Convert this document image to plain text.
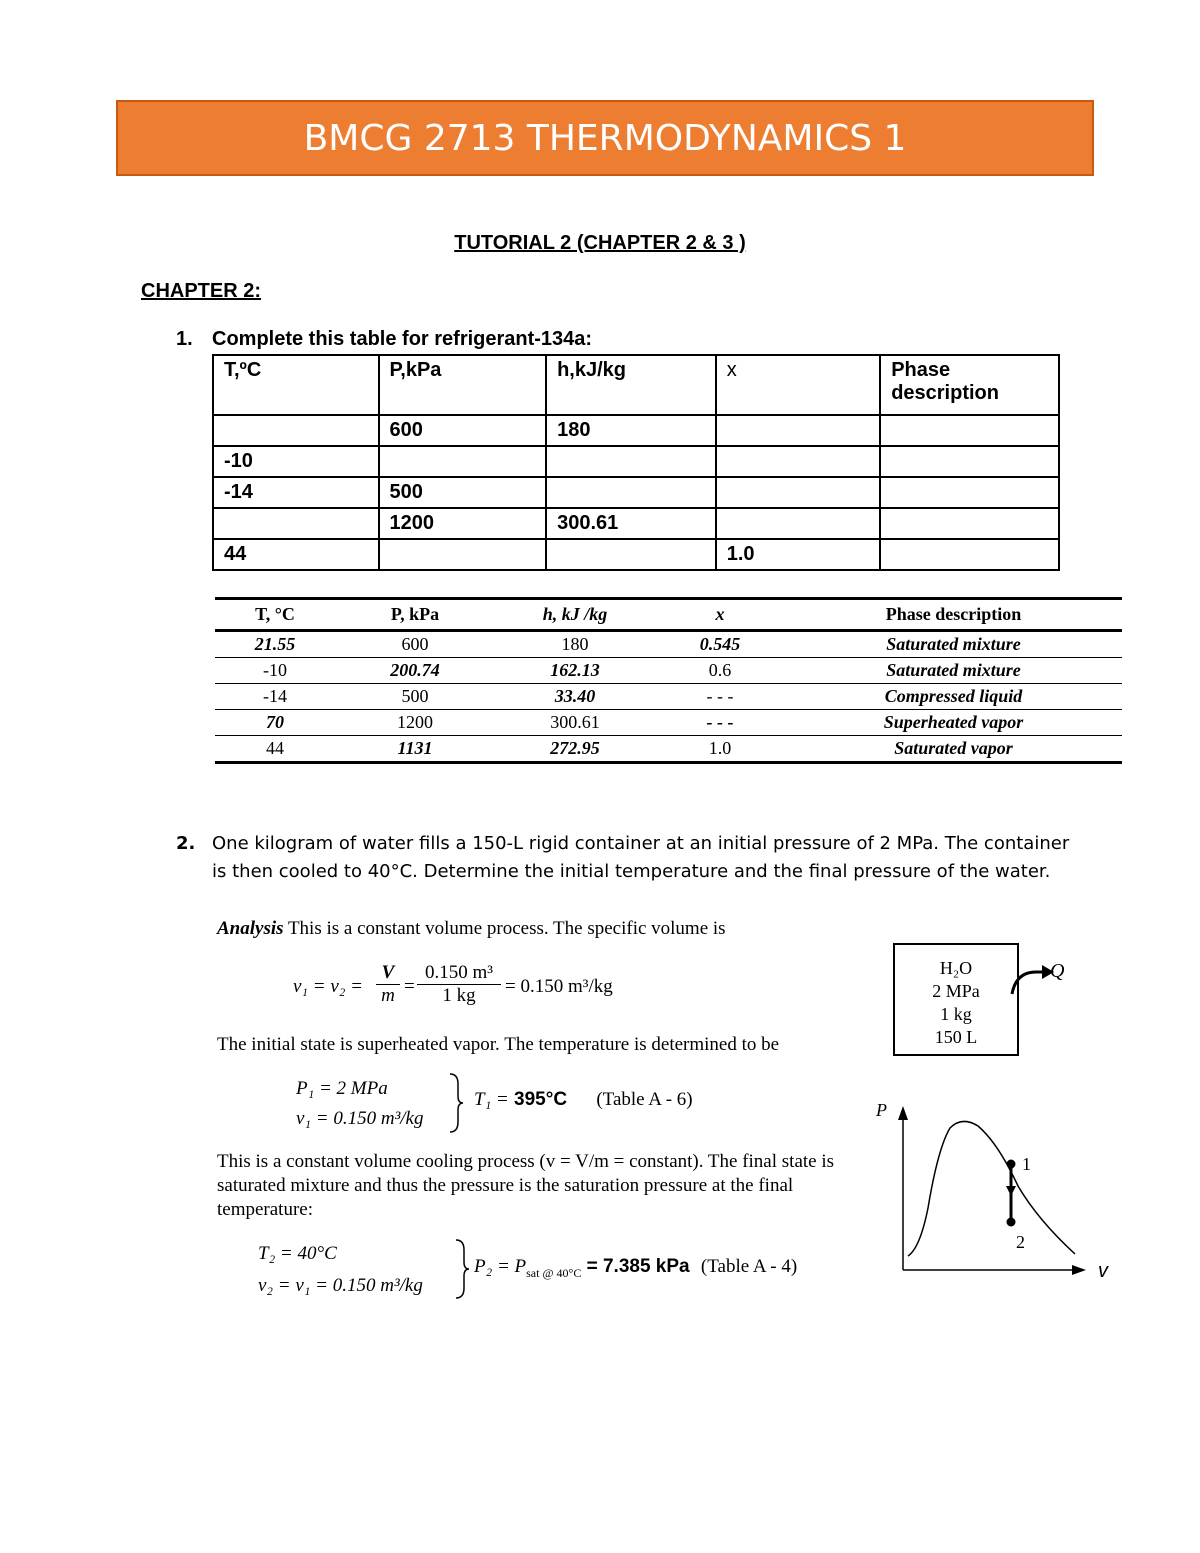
BMCG 2713 THERMODYNAMICS 1
TUTORIAL 2 (CHAPTER 2 & 3 )
CHAPTER 2:
1. Complete this table for refrigerant-134a:
T,ºC	P,kPa	h,kJ/kg	x	Phase description
	600	180		
-10				
-14	500			
	1200	300.61		
44			1.0	
T, °C	P, kPa	h, kJ /kg	x	Phase description
21.55	600	180	0.545	Saturated mixture
-10	200.74	162.13	0.6	Saturated mixture
-14	500	33.40	- - -	Compressed liquid
70	1200	300.61	- - -	Superheated vapor
44	1131	272.95	1.0	Saturated vapor
2. One kilogram of water fills a 150-L rigid container at an initial pressure of 2 MPa. The container is then cooled to 40°C. Determine the initial temperature and the final pressure of the water.
Analysis This is a constant volume process. The specific volume is
$v_1 = v_2 = \frac{V}{m} = \frac{\text{0.150 m³}}{1 kg} = 0.150$ m³/kg
The initial state is superheated vapor. The temperature is determined to be
P₁ = 2 MPa
v₁ = 0.150 m³/kg
T₁ = 395°C (Table A - 6)
This is a constant volume cooling process (v = V/m = constant). The final state is saturated mixture and thus the pressure is the saturation pressure at the final temperature:
T₂ = 40°C
v₂ = v₁ = 0.150 m³/kg
$P_2 = P_{sat @ 40^\circ C} = 7.385$ kPa (Table A - 4)
H₂O
2 MPa
1 kg
150 L
Q
P
v
1
2
